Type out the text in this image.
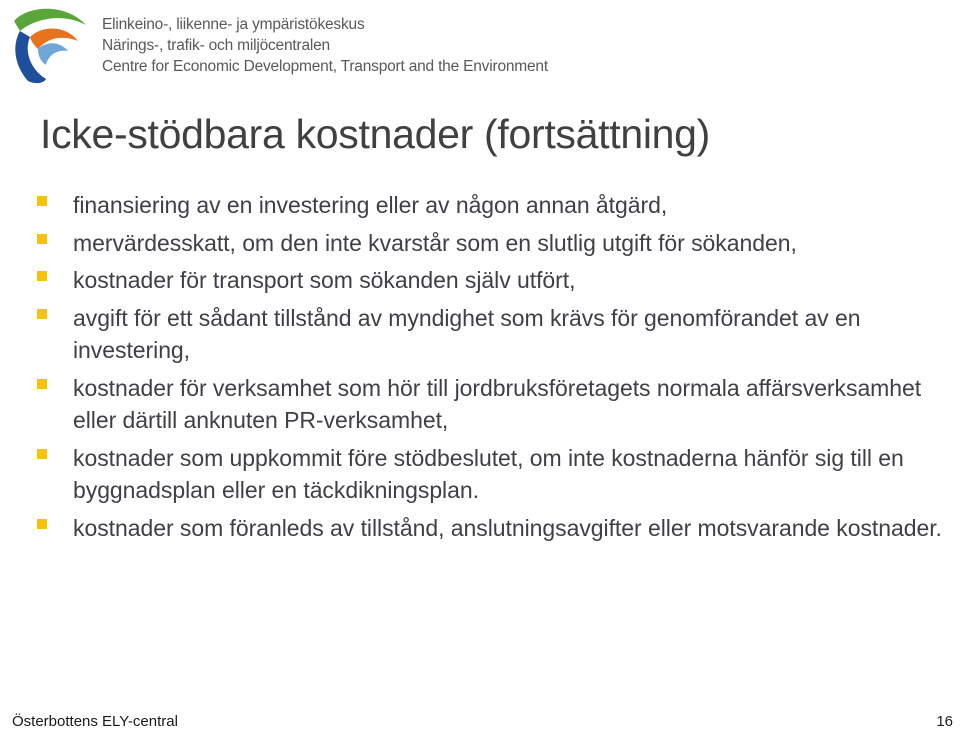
Elinkeino-, liikenne- ja ympäristökeskus
Närings-, trafik- och miljöcentralen
Centre for Economic Development, Transport and the Environment
Icke-stödbara kostnader (fortsättning)
finansiering av en investering eller av någon annan åtgärd,
mervärdesskatt, om den inte kvarstår som en slutlig utgift för sökanden,
kostnader för transport som sökanden själv utfört,
avgift för ett sådant tillstånd av myndighet som krävs för genomförandet av en investering,
kostnader för verksamhet som hör till jordbruksföretagets normala affärsverksamhet eller därtill anknuten PR-verksamhet,
kostnader som uppkommit före stödbeslutet, om inte kostnaderna hänför sig till en byggnadsplan eller en täckdikningsplan.
kostnader som föranleds av tillstånd, anslutningsavgifter eller motsvarande kostnader.
Österbottens ELY-central	16
